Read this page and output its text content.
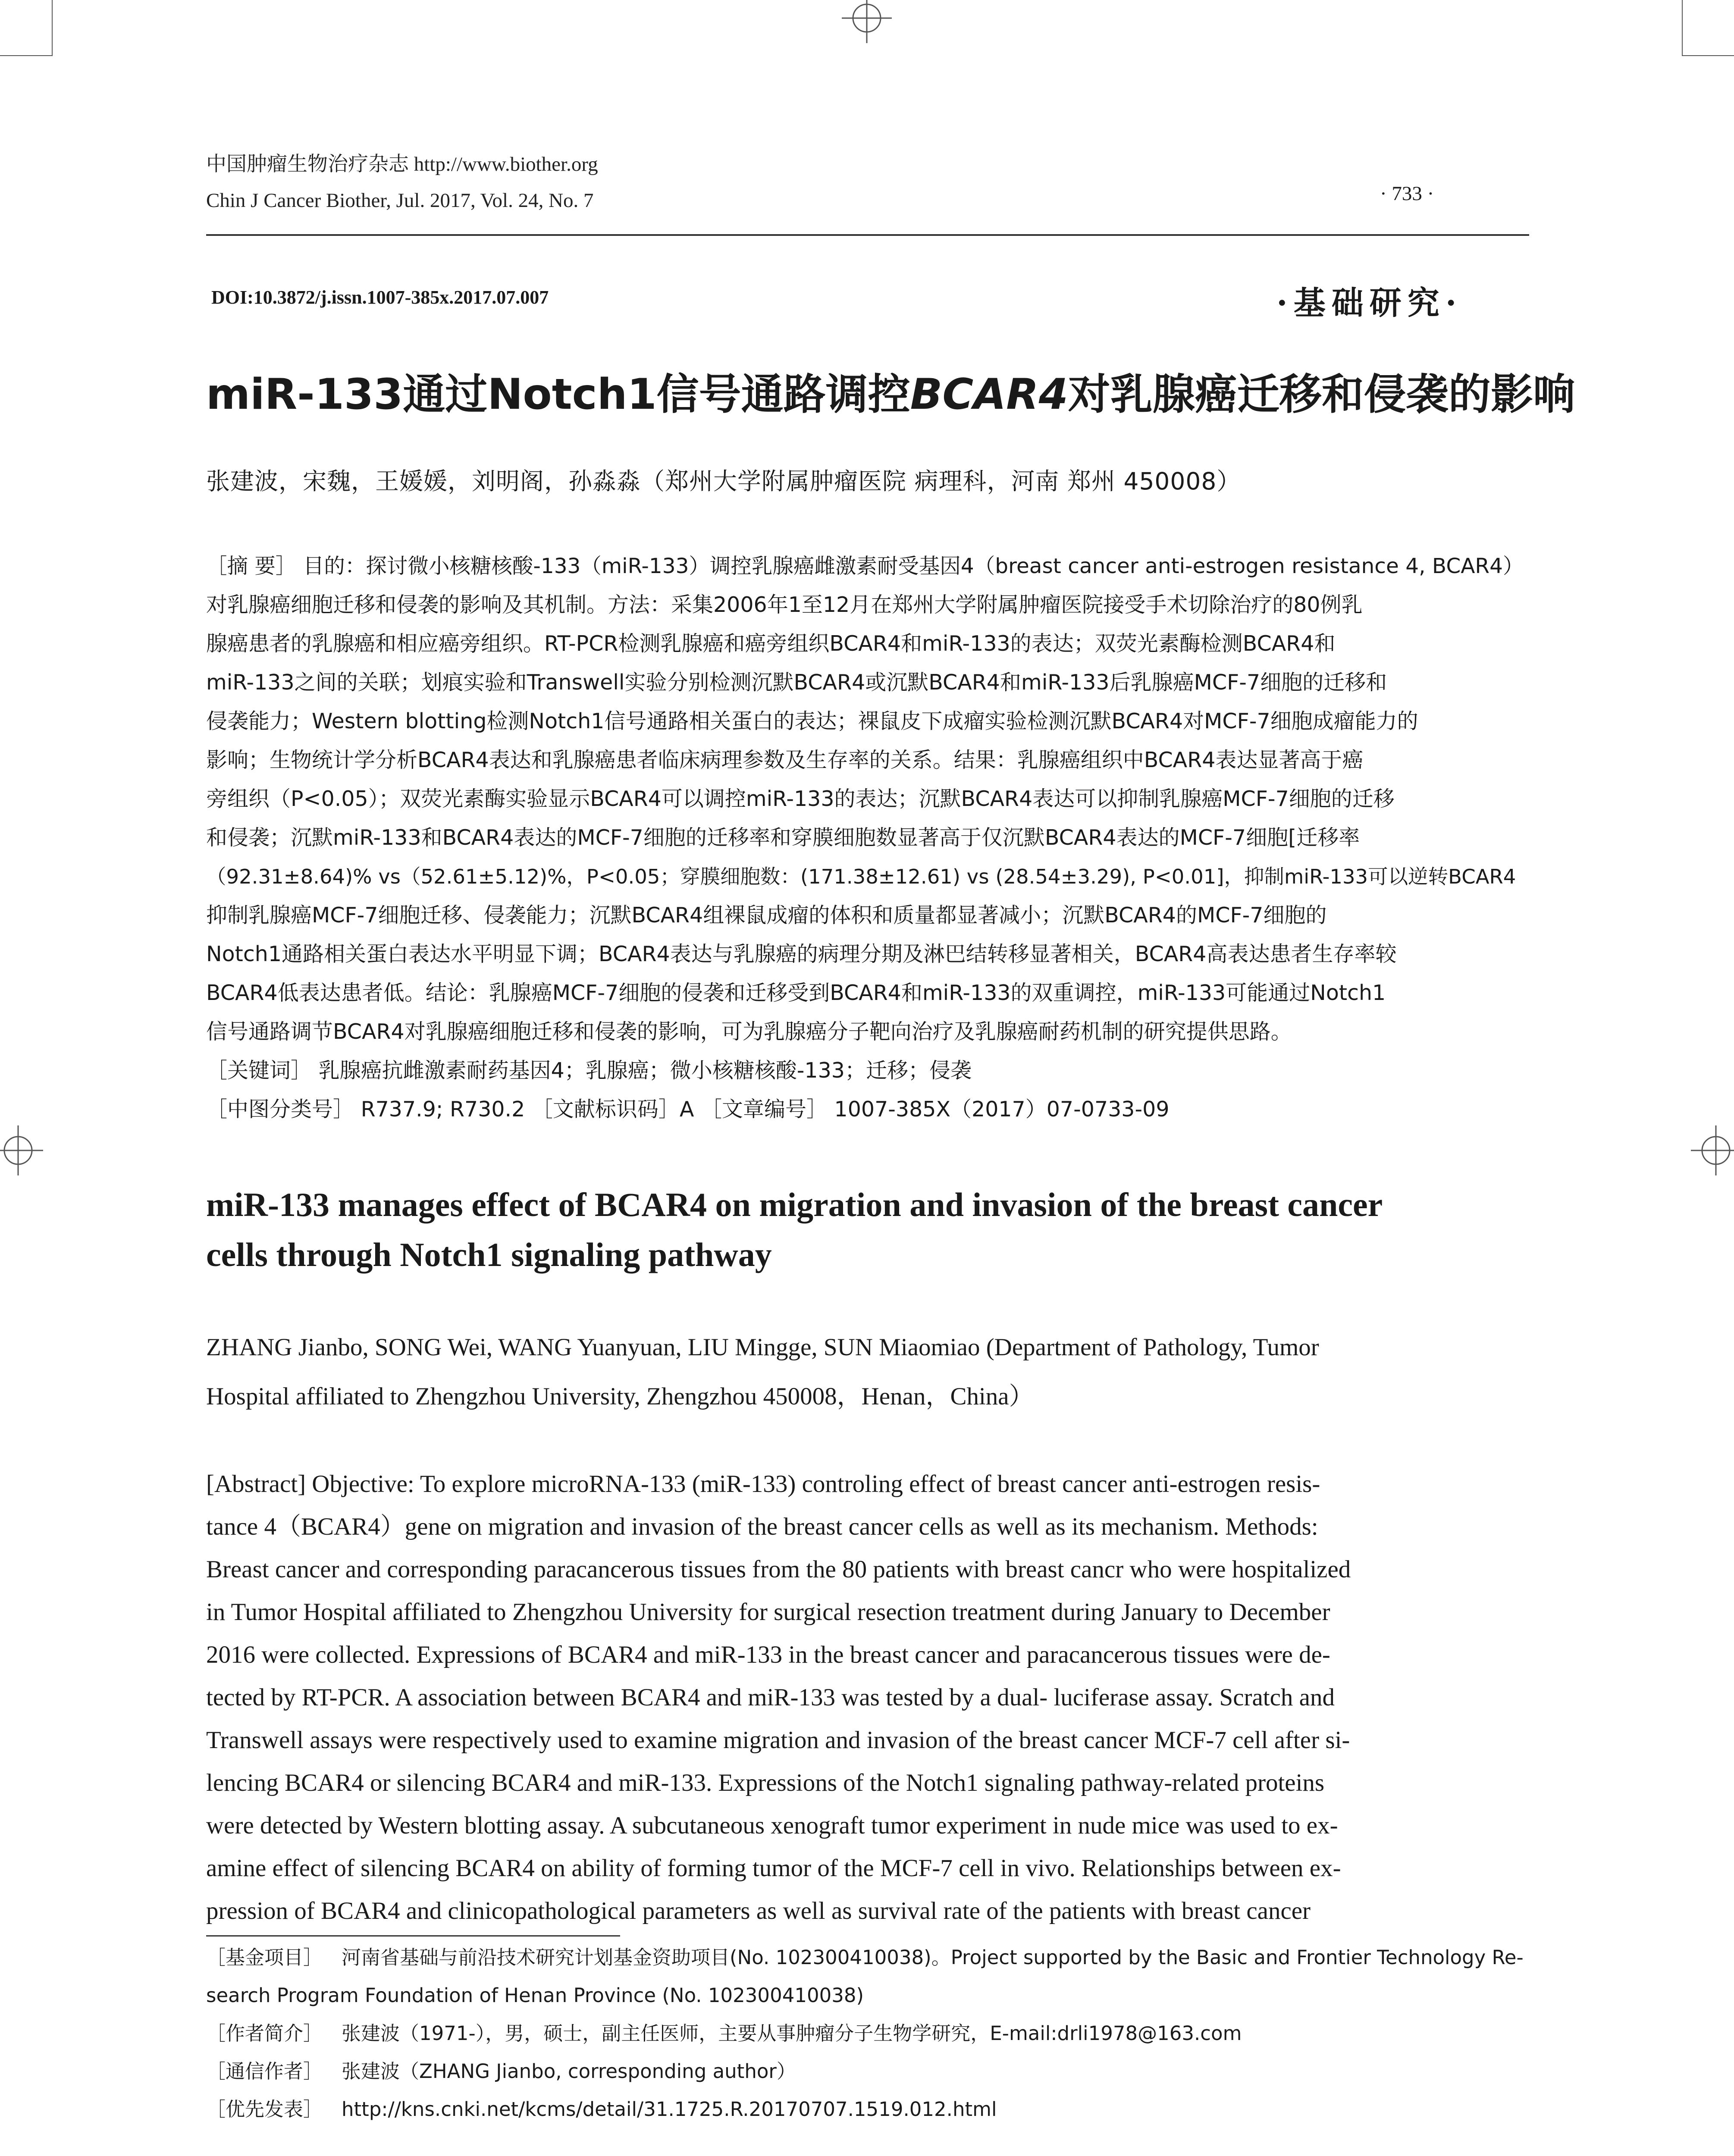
中国肿瘤生物治疗杂志 http://www.biother.org
Chin J Cancer Biother, Jul. 2017, Vol. 24, No. 7	· 733 ·
DOI:10.3872/j.issn.1007-385x.2017.07.007	·基础研究·
miR-133通过Notch1信号通路调控BCAR4对乳腺癌迁移和侵袭的影响
张建波，宋魏，王媛媛，刘明阁，孙淼淼（郑州大学附属肿瘤医院 病理科，河南 郑州 450008）
［摘 要］ 目的：探讨微小核糖核酸-133（miR-133）调控乳腺癌雌激素耐受基因4（breast cancer anti-estrogen resistance 4, BCAR4）
对乳腺癌细胞迁移和侵袭的影响及其机制。方法：采集2006年1至12月在郑州大学附属肿瘤医院接受手术切除治疗的80例乳
腺癌患者的乳腺癌和相应癌旁组织。RT-PCR检测乳腺癌和癌旁组织BCAR4和miR-133的表达；双荧光素酶检测BCAR4和
miR-133之间的关联；划痕实验和Transwell实验分别检测沉默BCAR4或沉默BCAR4和miR-133后乳腺癌MCF-7细胞的迁移和
侵袭能力；Western blotting检测Notch1信号通路相关蛋白的表达；裸鼠皮下成瘤实验检测沉默BCAR4对MCF-7细胞成瘤能力的
影响；生物统计学分析BCAR4表达和乳腺癌患者临床病理参数及生存率的关系。结果：乳腺癌组织中BCAR4表达显著高于癌
旁组织（P<0.05）；双荧光素酶实验显示BCAR4可以调控miR-133的表达；沉默BCAR4表达可以抑制乳腺癌MCF-7细胞的迁移
和侵袭；沉默miR-133和BCAR4表达的MCF-7细胞的迁移率和穿膜细胞数显著高于仅沉默BCAR4表达的MCF-7细胞[迁移率
（92.31±8.64)% vs（52.61±5.12)%，P<0.05；穿膜细胞数：(171.38±12.61) vs (28.54±3.29), P<0.01]，抑制miR-133可以逆转BCAR4
抑制乳腺癌MCF-7细胞迁移、侵袭能力；沉默BCAR4组裸鼠成瘤的体积和质量都显著减小；沉默BCAR4的MCF-7细胞的
Notch1通路相关蛋白表达水平明显下调；BCAR4表达与乳腺癌的病理分期及淋巴结转移显著相关，BCAR4高表达患者生存率较
BCAR4低表达患者低。结论：乳腺癌MCF-7细胞的侵袭和迁移受到BCAR4和miR-133的双重调控，miR-133可能通过Notch1
信号通路调节BCAR4对乳腺癌细胞迁移和侵袭的影响，可为乳腺癌分子靶向治疗及乳腺癌耐药机制的研究提供思路。
［关键词］ 乳腺癌抗雌激素耐药基因4；乳腺癌；微小核糖核酸-133；迁移；侵袭
［中图分类号］ R737.9; R730.2 ［文献标识码］A ［文章编号］ 1007-385X（2017）07-0733-09
miR-133 manages effect of BCAR4 on migration and invasion of the breast cancer
cells through Notch1 signaling pathway
ZHANG Jianbo, SONG Wei, WANG Yuanyuan, LIU Mingge, SUN Miaomiao (Department of Pathology, Tumor
Hospital affiliated to Zhengzhou University, Zhengzhou 450008，Henan，China）
[Abstract] Objective: To explore microRNA-133 (miR-133) controling effect of breast cancer anti-estrogen resis-
tance 4（BCAR4）gene on migration and invasion of the breast cancer cells as well as its mechanism. Methods:
Breast cancer and corresponding paracancerous tissues from the 80 patients with breast cancr who were hospitalized
in Tumor Hospital affiliated to Zhengzhou University for surgical resection treatment during January to December
2016 were collected. Expressions of BCAR4 and miR-133 in the breast cancer and paracancerous tissues were de-
tected by RT-PCR. A association between BCAR4 and miR-133 was tested by a dual- luciferase assay. Scratch and
Transwell assays were respectively used to examine migration and invasion of the breast cancer MCF-7 cell after si-
lencing BCAR4 or silencing BCAR4 and miR-133. Expressions of the Notch1 signaling pathway-related proteins
were detected by Western blotting assay. A subcutaneous xenograft tumor experiment in nude mice was used to ex-
amine effect of silencing BCAR4 on ability of forming tumor of the MCF-7 cell in vivo. Relationships between ex-
pression of BCAR4 and clinicopathological parameters as well as survival rate of the patients with breast cancer
［基金项目］ 河南省基础与前沿技术研究计划基金资助项目(No. 102300410038)。Project supported by the Basic and Frontier Technology Re-
search Program Foundation of Henan Province (No. 102300410038)
［作者简介］ 张建波（1971-），男，硕士，副主任医师，主要从事肿瘤分子生物学研究，E-mail:drli1978@163.com
［通信作者］ 张建波（ZHANG Jianbo, corresponding author）
［优先发表］ http://kns.cnki.net/kcms/detail/31.1725.R.20170707.1519.012.html
